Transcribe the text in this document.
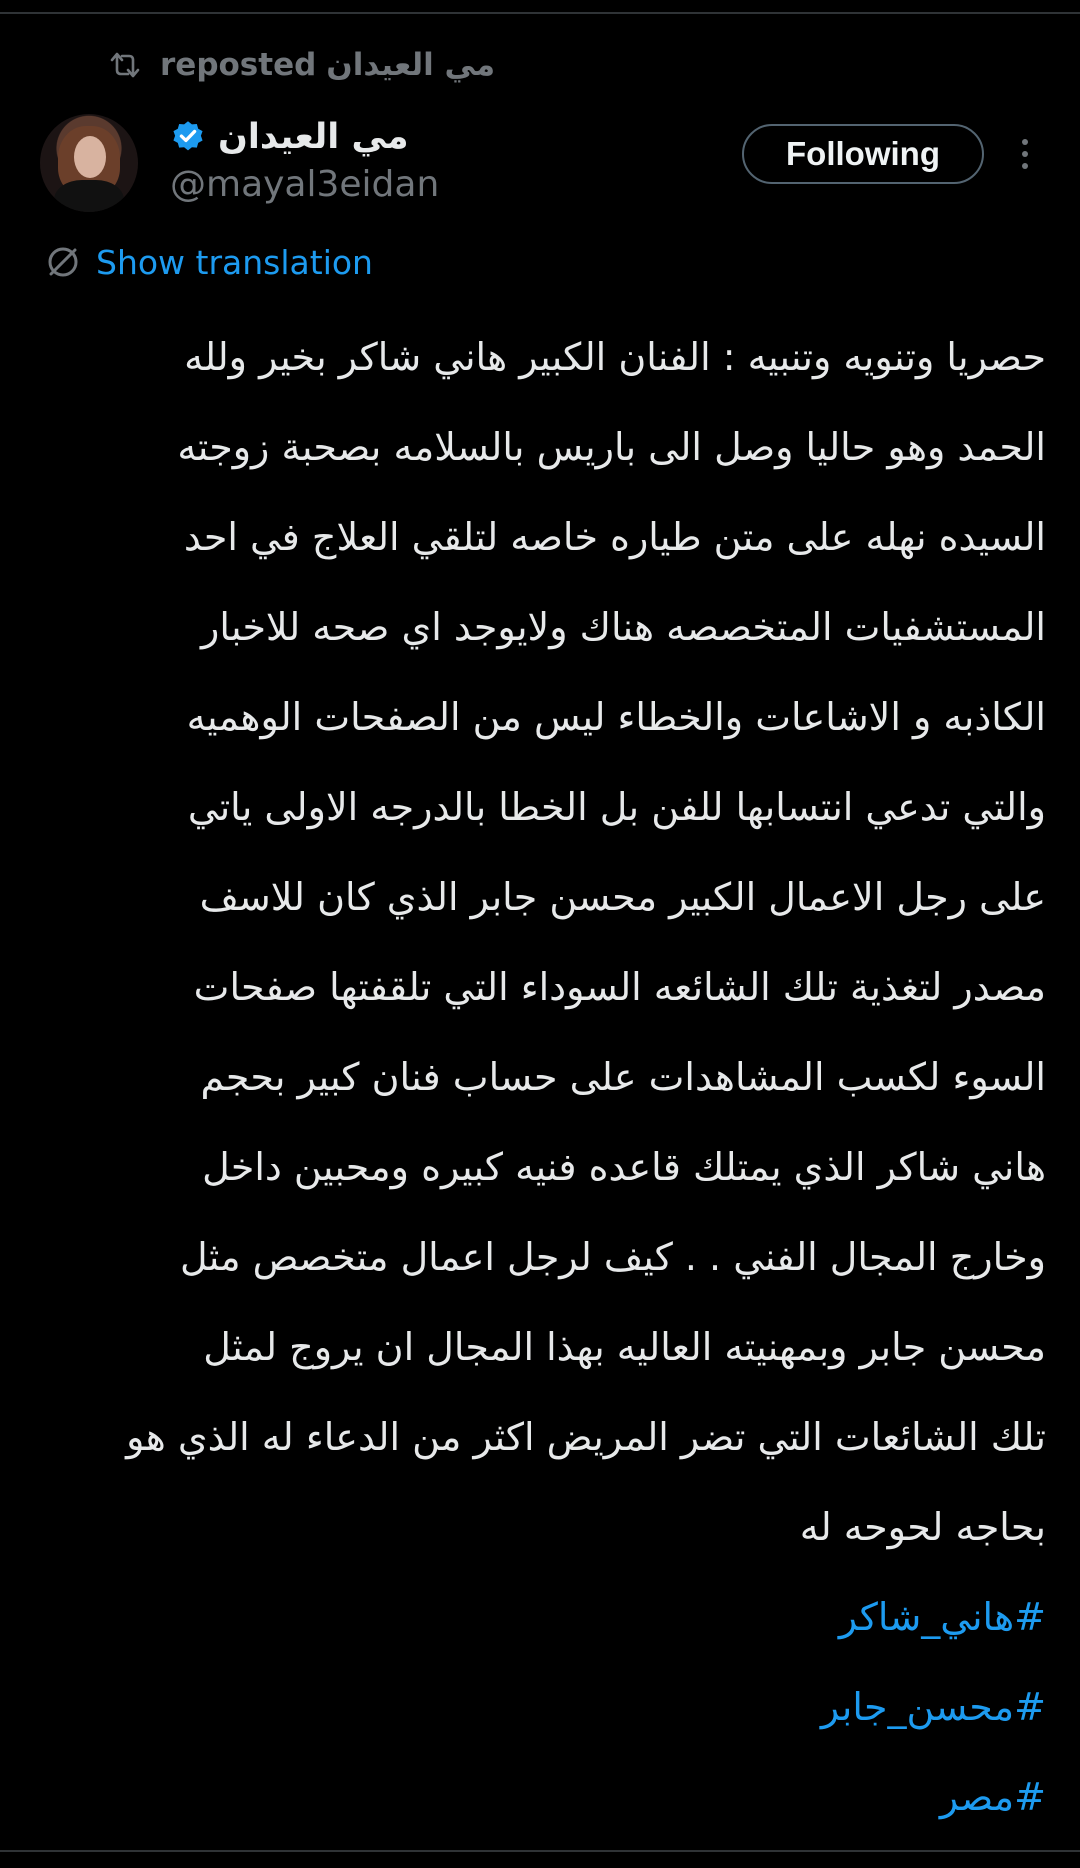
reposted مي العيدان
مي العيدان
@mayal3eidan
Following
Show translation
حصريا وتنويه وتنبيه : الفنان الكبير هاني شاكر بخير ولله
الحمد وهو حاليا وصل الى باريس بالسلامه بصحبة زوجته
السيده نهله على متن طياره خاصه لتلقي العلاج في احد
المستشفيات المتخصصه هناك ولايوجد اي صحه للاخبار
الكاذبه و الاشاعات والخطاء ليس من الصفحات الوهميه
والتي تدعي انتسابها للفن بل الخطا بالدرجه الاولى ياتي
على رجل الاعمال الكبير محسن جابر الذي كان للاسف
مصدر لتغذية تلك الشائعه السوداء التي تلقفتها صفحات
السوء لكسب المشاهدات على حساب فنان كبير بحجم
هاني شاكر الذي يمتلك قاعده فنيه كبيره ومحبين داخل
وخارج المجال الفني . . كيف لرجل اعمال متخصص مثل
محسن جابر وبمهنيته العاليه بهذا المجال ان يروج لمثل
تلك الشائعات التي تضر المريض اكثر من الدعاء له الذي هو
بحاجه لحوحه له
#هاني_شاكر
#محسن_جابر
#مصر
